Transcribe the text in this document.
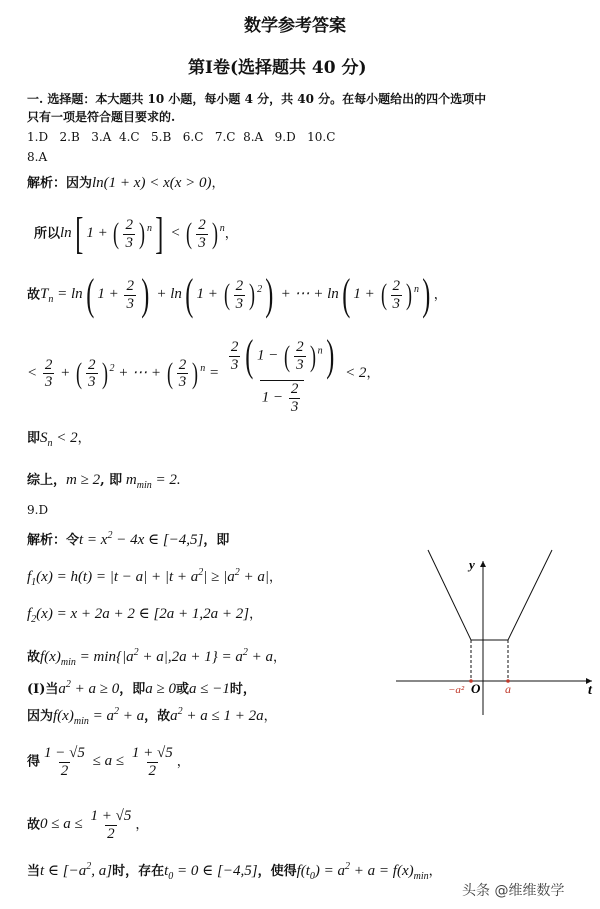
数学参考答案
第Ⅰ卷(选择题共 40 分)
一. 选择题：本大题共 10 小题，每小题 4 分，共 40 分。在每小题给出的四个选项中
只有一项是符合题目要求的.
1.D   2.B   3.A  4.C   5.B   6.C   7.C  8.A   9.D   10.C
8.A
解析：因为ln(1 + x) < x(x > 0)，
所以ln[ 1 + ( $\frac{2}{3}$ ) $^n$] < ( $\frac{2}{3}$ ) $^n$，
故$T_n = \ln$( $1 + \frac{2}{3}$ ) + ln( 1 + ( $\frac{2}{3}$ ) $^2$) + ⋯ + ln( 1 + ( $\frac{2}{3}$ ) $^n$) ，
< $\frac{2}{3}$ + ( $\frac{2}{3}$ ) $^2$ + ⋯ + ( $\frac{2}{3}$ ) $^n = \frac{\frac{2}{3} ( 1 - ( \frac{2}{3} ) ^n)}{1 - \frac{2}{3}} < 2$，
即$S_n < 2$，
综上，m ≥ 2, 即 $m_{min} = 2$.
9.D
解析：令$t = x^2 - 4x$ ∈ [−4,5]，即
$f_1(x) = h(t) = |t - a| + |t + a^2| \ge |a^2 + a|$，
$f_2(x) = x + 2a + 2$ ∈ [2a + 1,2a + 2]，
故$f(x)_{min} = \min\{|a^2 + a|,2a + 1\} = a^2 + a$，
(Ⅰ)当$a^2 + a \ge 0$，即a ≥ 0或a ≤ −1时，
因为$f(x)_{min} = a^2 + a$，故$a^2 + a \le 1 + 2a$，
得 $\frac{1 - √5}{2} \le a \le \frac{1 + √5}{2}$ ，
故$0 \le a \le \frac{1 + √5}{2}$ ，
当t ∈ [$-a^2$, a]时，存在$t_0 = 0$ ∈ [−4,5]，使得$f(t_0) = a^2 + a = f(x)_{min}$，
y
t
O
−a²	a
头条 @维维数学
